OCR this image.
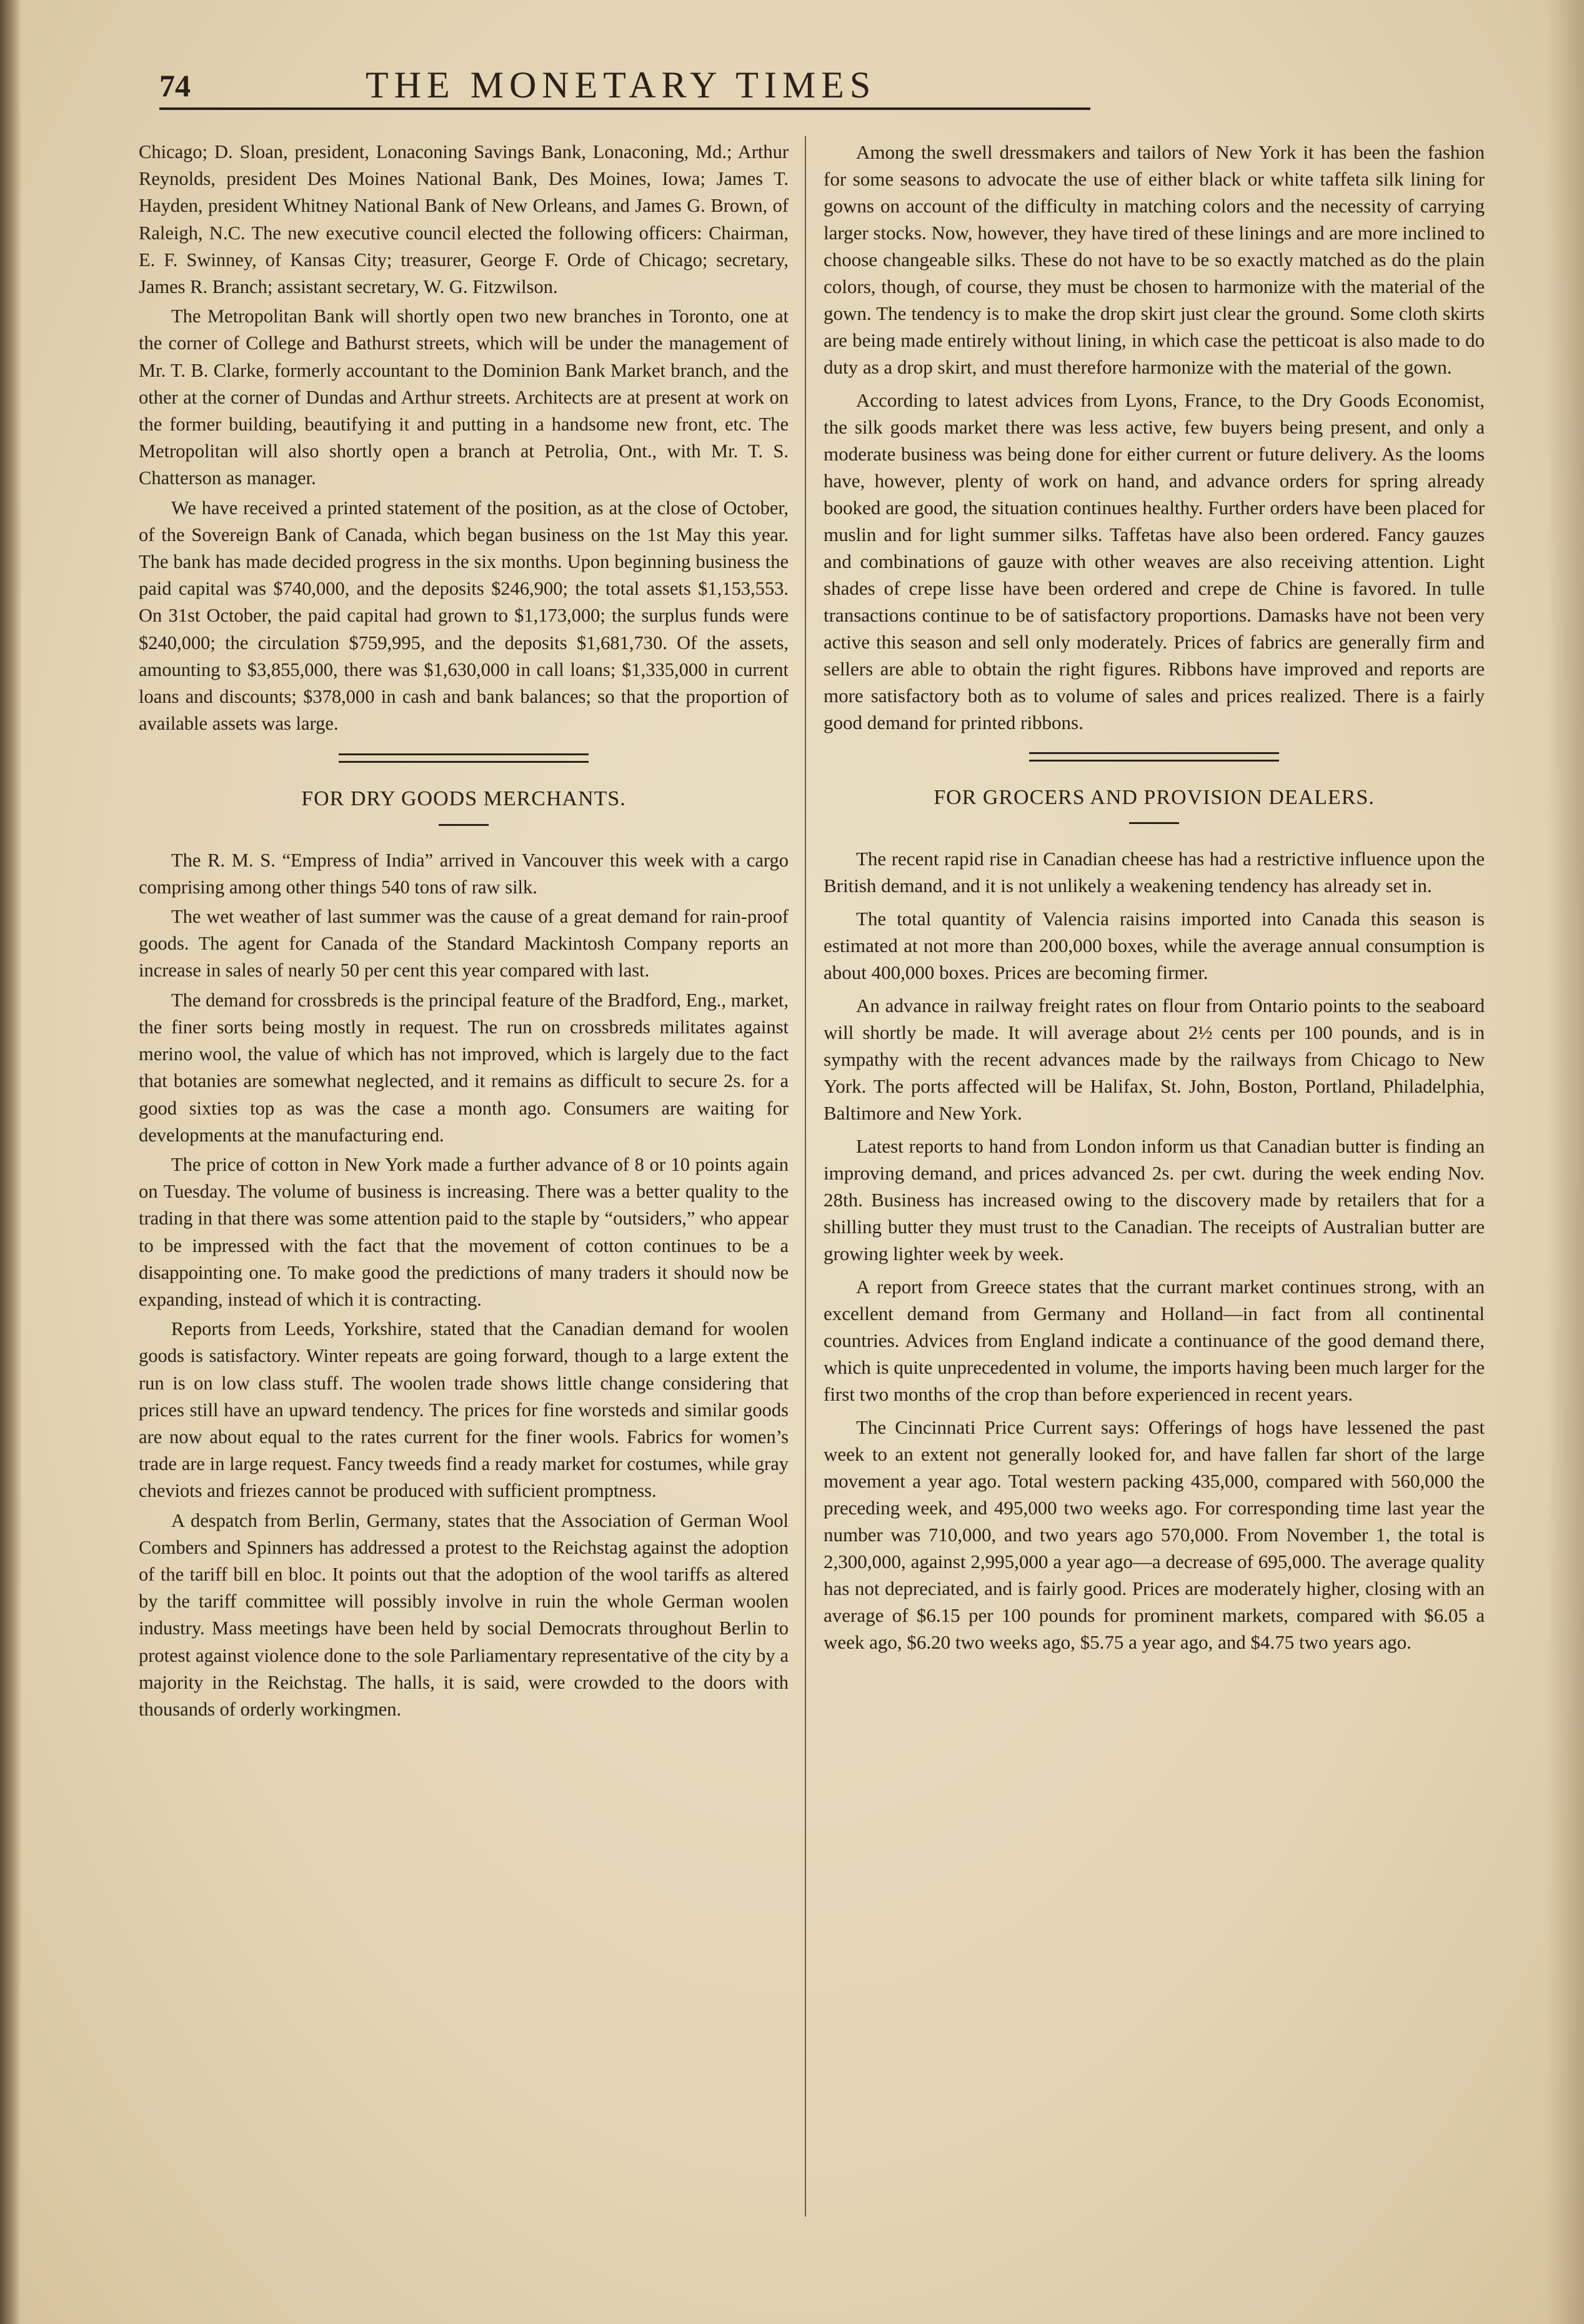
74	THE MONETARY TIMES

Chicago; D. Sloan, president, Lonaconing Savings Bank, Lonaconing, Md.; Arthur Reynolds, president Des Moines National Bank, Des Moines, Iowa; James T. Hayden, president Whitney National Bank of New Orleans, and James G. Brown, of Raleigh, N.C. The new executive council elected the following officers: Chairman, E. F. Swinney, of Kansas City; treasurer, George F. Orde of Chicago; secretary, James R. Branch; assistant secretary, W. G. Fitzwilson.

The Metropolitan Bank will shortly open two new branches in Toronto, one at the corner of College and Bathurst streets, which will be under the management of Mr. T. B. Clarke, formerly accountant to the Dominion Bank Market branch, and the other at the corner of Dundas and Arthur streets. Architects are at present at work on the former building, beautifying it and putting in a handsome new front, etc. The Metropolitan will also shortly open a branch at Petrolia, Ont., with Mr. T. S. Chatterson as manager.

We have received a printed statement of the position, as at the close of October, of the Sovereign Bank of Canada, which began business on the 1st May this year. The bank has made decided progress in the six months. Upon beginning business the paid capital was $740,000, and the deposits $246,900; the total assets $1,153,553. On 31st October, the paid capital had grown to $1,173,000; the surplus funds were $240,000; the circulation $759,995, and the deposits $1,681,730. Of the assets, amounting to $3,855,000, there was $1,630,000 in call loans; $1,335,000 in current loans and discounts; $378,000 in cash and bank balances; so that the proportion of available assets was large.

FOR DRY GOODS MERCHANTS.

The R. M. S. “Empress of India” arrived in Vancouver this week with a cargo comprising among other things 540 tons of raw silk.

The wet weather of last summer was the cause of a great demand for rain-proof goods. The agent for Canada of the Standard Mackintosh Company reports an increase in sales of nearly 50 per cent this year compared with last.

The demand for crossbreds is the principal feature of the Bradford, Eng., market, the finer sorts being mostly in request. The run on crossbreds militates against merino wool, the value of which has not improved, which is largely due to the fact that botanies are somewhat neglected, and it remains as difficult to secure 2s. for a good sixties top as was the case a month ago. Consumers are waiting for developments at the manufacturing end.

The price of cotton in New York made a further advance of 8 or 10 points again on Tuesday. The volume of business is increasing. There was a better quality to the trading in that there was some attention paid to the staple by “outsiders,” who appear to be impressed with the fact that the movement of cotton continues to be a disappointing one. To make good the predictions of many traders it should now be expanding, instead of which it is contracting.

Reports from Leeds, Yorkshire, stated that the Canadian demand for woolen goods is satisfactory. Winter repeats are going forward, though to a large extent the run is on low class stuff. The woolen trade shows little change considering that prices still have an upward tendency. The prices for fine worsteds and similar goods are now about equal to the rates current for the finer wools. Fabrics for women’s trade are in large request. Fancy tweeds find a ready market for costumes, while gray cheviots and friezes cannot be produced with sufficient promptness.

A despatch from Berlin, Germany, states that the Association of German Wool Combers and Spinners has addressed a protest to the Reichstag against the adoption of the tariff bill en bloc. It points out that the adoption of the wool tariffs as altered by the tariff committee will possibly involve in ruin the whole German woolen industry. Mass meetings have been held by social Democrats throughout Berlin to protest against violence done to the sole Parliamentary representative of the city by a majority in the Reichstag. The halls, it is said, were crowded to the doors with thousands of orderly workingmen.

Among the swell dressmakers and tailors of New York it has been the fashion for some seasons to advocate the use of either black or white taffeta silk lining for gowns on account of the difficulty in matching colors and the necessity of carrying larger stocks. Now, however, they have tired of these linings and are more inclined to choose changeable silks. These do not have to be so exactly matched as do the plain colors, though, of course, they must be chosen to harmonize with the material of the gown. The tendency is to make the drop skirt just clear the ground. Some cloth skirts are being made entirely without lining, in which case the petticoat is also made to do duty as a drop skirt, and must therefore harmonize with the material of the gown.

According to latest advices from Lyons, France, to the Dry Goods Economist, the silk goods market there was less active, few buyers being present, and only a moderate business was being done for either current or future delivery. As the looms have, however, plenty of work on hand, and advance orders for spring already booked are good, the situation continues healthy. Further orders have been placed for muslin and for light summer silks. Taffetas have also been ordered. Fancy gauzes and combinations of gauze with other weaves are also receiving attention. Light shades of crepe lisse have been ordered and crepe de Chine is favored. In tulle transactions continue to be of satisfactory proportions. Damasks have not been very active this season and sell only moderately. Prices of fabrics are generally firm and sellers are able to obtain the right figures. Ribbons have improved and reports are more satisfactory both as to volume of sales and prices realized. There is a fairly good demand for printed ribbons.

FOR GROCERS AND PROVISION DEALERS.

The recent rapid rise in Canadian cheese has had a restrictive influence upon the British demand, and it is not unlikely a weakening tendency has already set in.

The total quantity of Valencia raisins imported into Canada this season is estimated at not more than 200,000 boxes, while the average annual consumption is about 400,000 boxes. Prices are becoming firmer.

An advance in railway freight rates on flour from Ontario points to the seaboard will shortly be made. It will average about 2½ cents per 100 pounds, and is in sympathy with the recent advances made by the railways from Chicago to New York. The ports affected will be Halifax, St. John, Boston, Portland, Philadelphia, Baltimore and New York.

Latest reports to hand from London inform us that Canadian butter is finding an improving demand, and prices advanced 2s. per cwt. during the week ending Nov. 28th. Business has increased owing to the discovery made by retailers that for a shilling butter they must trust to the Canadian. The receipts of Australian butter are growing lighter week by week.

A report from Greece states that the currant market continues strong, with an excellent demand from Germany and Holland—in fact from all continental countries. Advices from England indicate a continuance of the good demand there, which is quite unprecedented in volume, the imports having been much larger for the first two months of the crop than before experienced in recent years.

The Cincinnati Price Current says: Offerings of hogs have lessened the past week to an extent not generally looked for, and have fallen far short of the large movement a year ago. Total western packing 435,000, compared with 560,000 the preceding week, and 495,000 two weeks ago. For corresponding time last year the number was 710,000, and two years ago 570,000. From November 1, the total is 2,300,000, against 2,995,000 a year ago—a decrease of 695,000. The average quality has not depreciated, and is fairly good. Prices are moderately higher, closing with an average of $6.15 per 100 pounds for prominent markets, compared with $6.05 a week ago, $6.20 two weeks ago, $5.75 a year ago, and $4.75 two years ago.
